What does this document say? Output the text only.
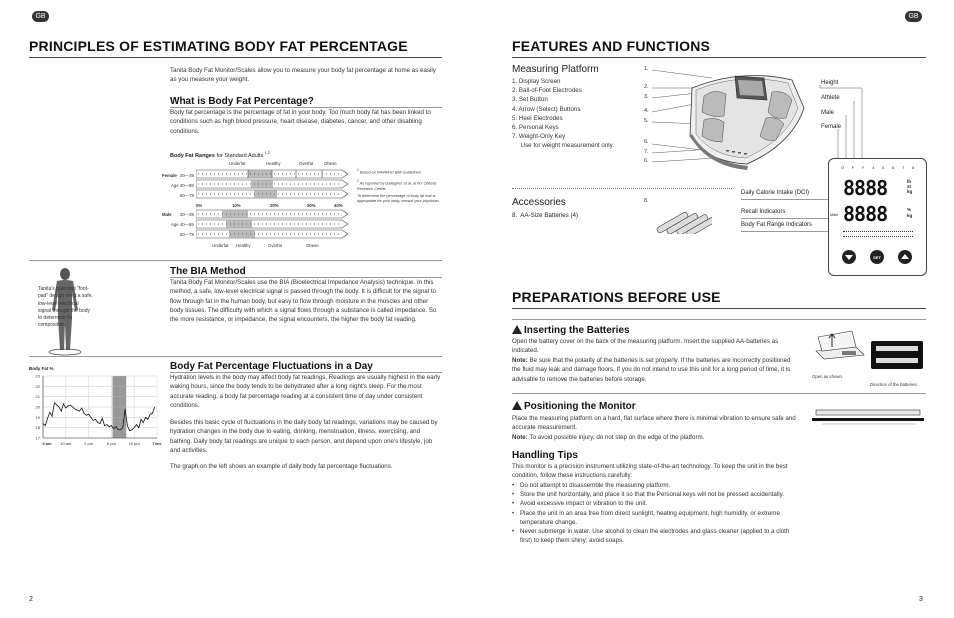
GB
PRINCIPLES OF ESTIMATING BODY FAT PERCENTAGE
Tanita Body Fat Monitor/Scales allow you to measure your body fat percentage at home as easily as you measure your weight.
What is Body Fat Percentage?
Body fat percentage is the percentage of fat in your body. Too much body fat has been linked to conditions such as high blood pressure, heart disease, diabetes, cancer, and other disabling conditions.
Body Fat Ranges for Standard Adults $^{1,2}$
Underfat	Healthy	Overfat	Obese
Female 20—39
Age 40—59
60—79
Male 20—39
Age 40—59
60—79
0%	10%	20%	30%	40%
Underfat Healthy	Overfat	Obese
$^1$ Based on NIH/WHO BMI Guidelines.
$^2$ As reported by Gallagher, et al, at NY Obesity Research Center.
To determine the percentage of body fat that is appropriate for your body, consult your physician.
Tanita's patented “foot-pad” design send a safe, low-level electrical signal through the body to determine its composition.
The BIA Method
Tanita Body Fat Monitor/Scales use the BIA (Bioelectrical Impedance Analysis) technique. In this method, a safe, low-level electrical signal is passed through the body. It is difficult for the signal to flow through fat in the human body, but easy to flow through moisture in the muscles and other body tissues. The difficulty with which a signal flows through a substance is called impedance. So the more resistance, or impedance, the signal encounters, the higher the body fat reading.
Body Fat Percentage Fluctuations in a Day
Hydration levels in the body may affect body fat readings. Readings are usually highest in the early waking hours, since the body tends to be dehydrated after a long night's sleep. For the most accurate reading, a body fat percentage reading at a consistent time of day under consistent conditions.
Besides this basic cycle of fluctuations in the daily body fat readings, variations may be caused by hydration changes in the body due to eating, drinking, menstruation, illness, exercising, and bathing. Daily body fat readings are unique to each person, and depend upon one's lifestyle, job and activities.
The graph on the left shows an example of daily body fat percentage fluctuations.
Body Fat %
23
22
21
20
19
18
17
6 am 10 am	2 pm	6 pm	10 pm	Time
2
GB
FEATURES AND FUNCTIONS
Measuring Platform
1. Display Screen
2. Ball-of-Foot Electrodes
3. Set Button
4. Arrow (Select) Buttons
5. Heel Electrodes
6. Personal Keys
7. Weight-Only Key
Use for weight measurement only.
1.
2.
3.
4.
5.
6.
7.
6.
Height
Athlete
Male
Female
OFF45678
8888	lb
st
kg
8888	%
kg
Male
SET
Daily Calorie Intake (DCI)
Recall Indicators
Body Fat Range Indicators
Accessories
8.  AA-Size Batteries (4)
8.
PREPARATIONS BEFORE USE
Inserting the Batteries
Open the battery cover on the back of the measuring platform. Insert the supplied AA-batteries as indicated.
Note: Be sure that the polarity of the batteries is set properly. If the batteries are incorrectly positioned the fluid may leak and damage floors. If you do not intend to use this unit for a long period of time, it is advisable to remove the batteries before storage.	Open as shown.
Direction of the batteries.
Positioning the Monitor
Place the measuring platform on a hard, flat surface where there is minimal vibration to ensure safe and accurate measurement.
Note: To avoid possible injury, do not step on the edge of the platform.
Handling Tips
This monitor is a precision instrument utilizing state-of-the-art technology. To keep the unit in the best condition, follow these instructions carefully:
• Do not attempt to disassemble the measuring platform.
• Store the unit horizontally, and place it so that the Personal keys will not be pressed accidentally.
• Avoid excessive impact or vibration to the unit.
• Place the unit in an area free from direct sunlight, heating equipment, high humidity, or extreme temperature change.
• Never submerge in water. Use alcohol to clean the electrodes and glass cleaner (applied to a cloth first) to keep them shiny; avoid soaps.
3
